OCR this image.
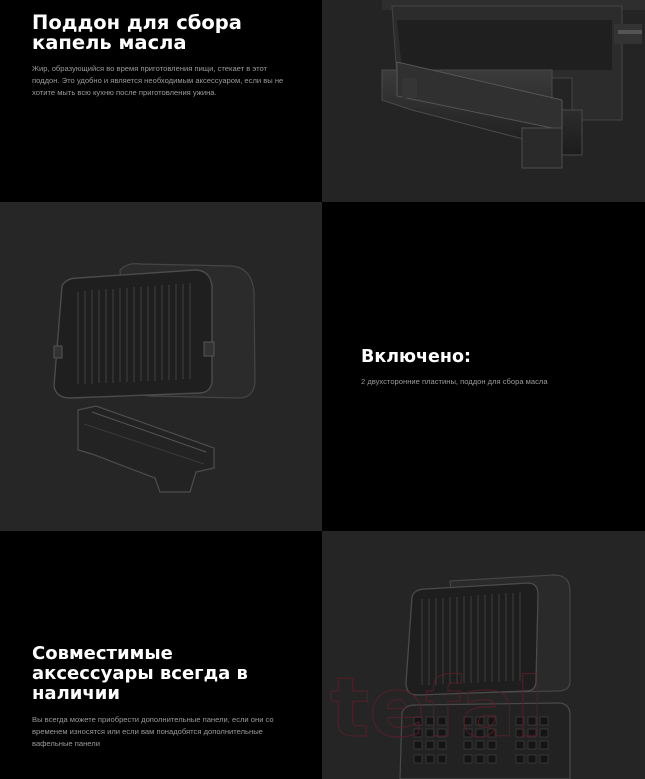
Поддон для сбора капель масла

Жир, образующийся во время приготовления пищи, стекает в этот поддон. Это удобно и является необходимым аксессуаром, если вы не хотите мыть всю кухню после приготовления ужина.

Включено:

2 двухсторонние пластины, поддон для сбора масла

Совместимые аксессуары всегда в наличии

Вы всегда можете приобрести дополнительные панели, если они со временем износятся или если вам понадобятся дополнительные вафельные панели	tefal
